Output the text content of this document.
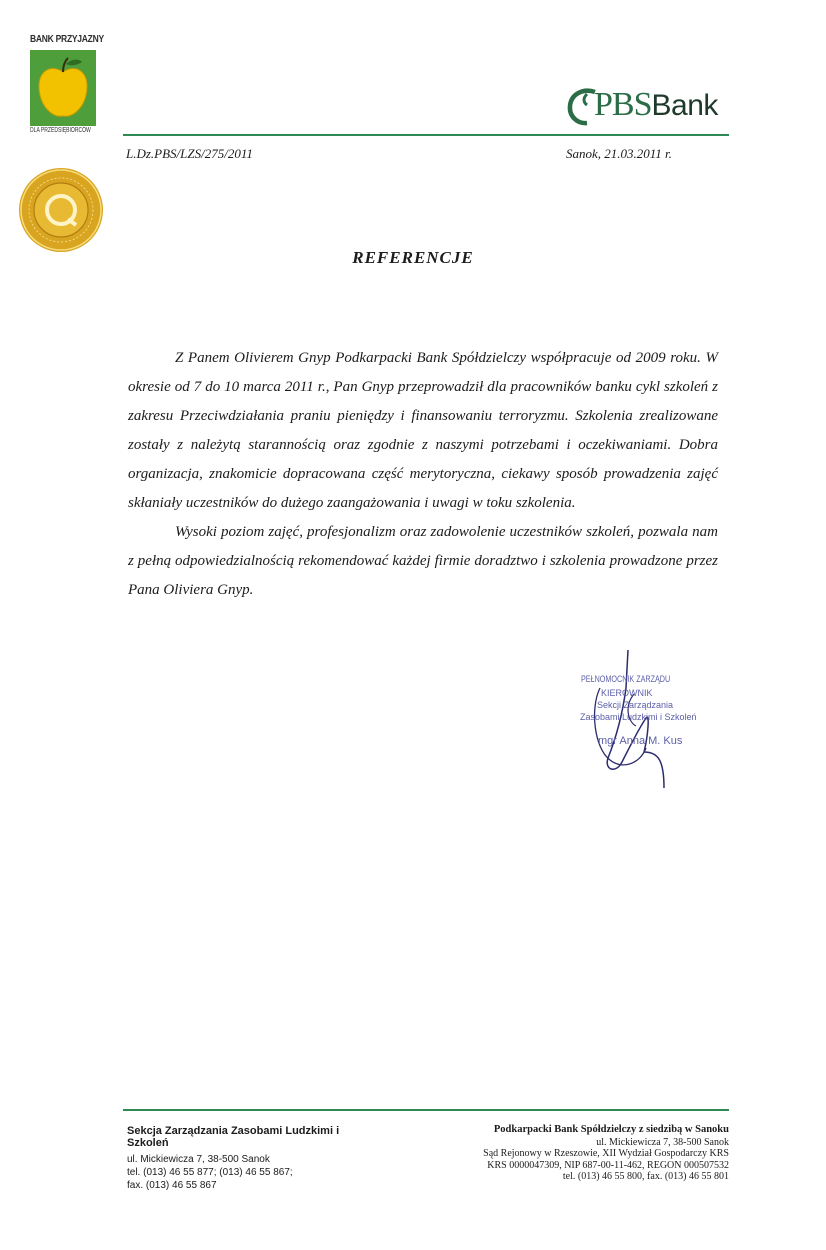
BANK PRZYJAZNY
DLA PRZEDSIĘBIORCÓW
PBSBank
L.Dz.PBS/LZS/275/2011	Sanok, 21.03.2011 r.
REFERENCJE

Z Panem Olivierem Gnyp Podkarpacki Bank Spółdzielczy współpracuje od 2009 roku. W okresie od 7 do 10 marca 2011 r., Pan Gnyp przeprowadził dla pracowników banku cykl szkoleń z zakresu Przeciwdziałania praniu pieniędzy i finansowaniu terroryzmu. Szkolenia zrealizowane zostały z należytą starannością oraz zgodnie z naszymi potrzebami i oczekiwaniami. Dobra organizacja, znakomicie dopracowana część merytoryczna, ciekawy sposób prowadzenia zajęć skłaniały uczestników do dużego zaangażowania i uwagi w toku szkolenia.

Wysoki poziom zajęć, profesjonalizm oraz zadowolenie uczestników szkoleń, pozwala nam z pełną odpowiedzialnością rekomendować każdej firmie doradztwo i szkolenia prowadzone przez Pana Oliviera Gnyp.

PEŁNOMOCNIK ZARZĄDU
KIEROWNIK
Sekcji Zarządzania
Zasobami Ludzkimi i Szkoleń
mgr Anna M. Kus
Sekcja Zarządzania Zasobami Ludzkimi i Szkoleń
ul. Mickiewicza 7, 38-500 Sanok
tel. (013) 46 55 877; (013) 46 55 867;
fax. (013) 46 55 867
Podkarpacki Bank Spółdzielczy z siedzibą w Sanoku
ul. Mickiewicza 7, 38-500 Sanok
Sąd Rejonowy w Rzeszowie, XII Wydział Gospodarczy KRS
KRS 0000047309, NIP 687-00-11-462, REGON 000507532
tel. (013) 46 55 800, fax. (013) 46 55 801
